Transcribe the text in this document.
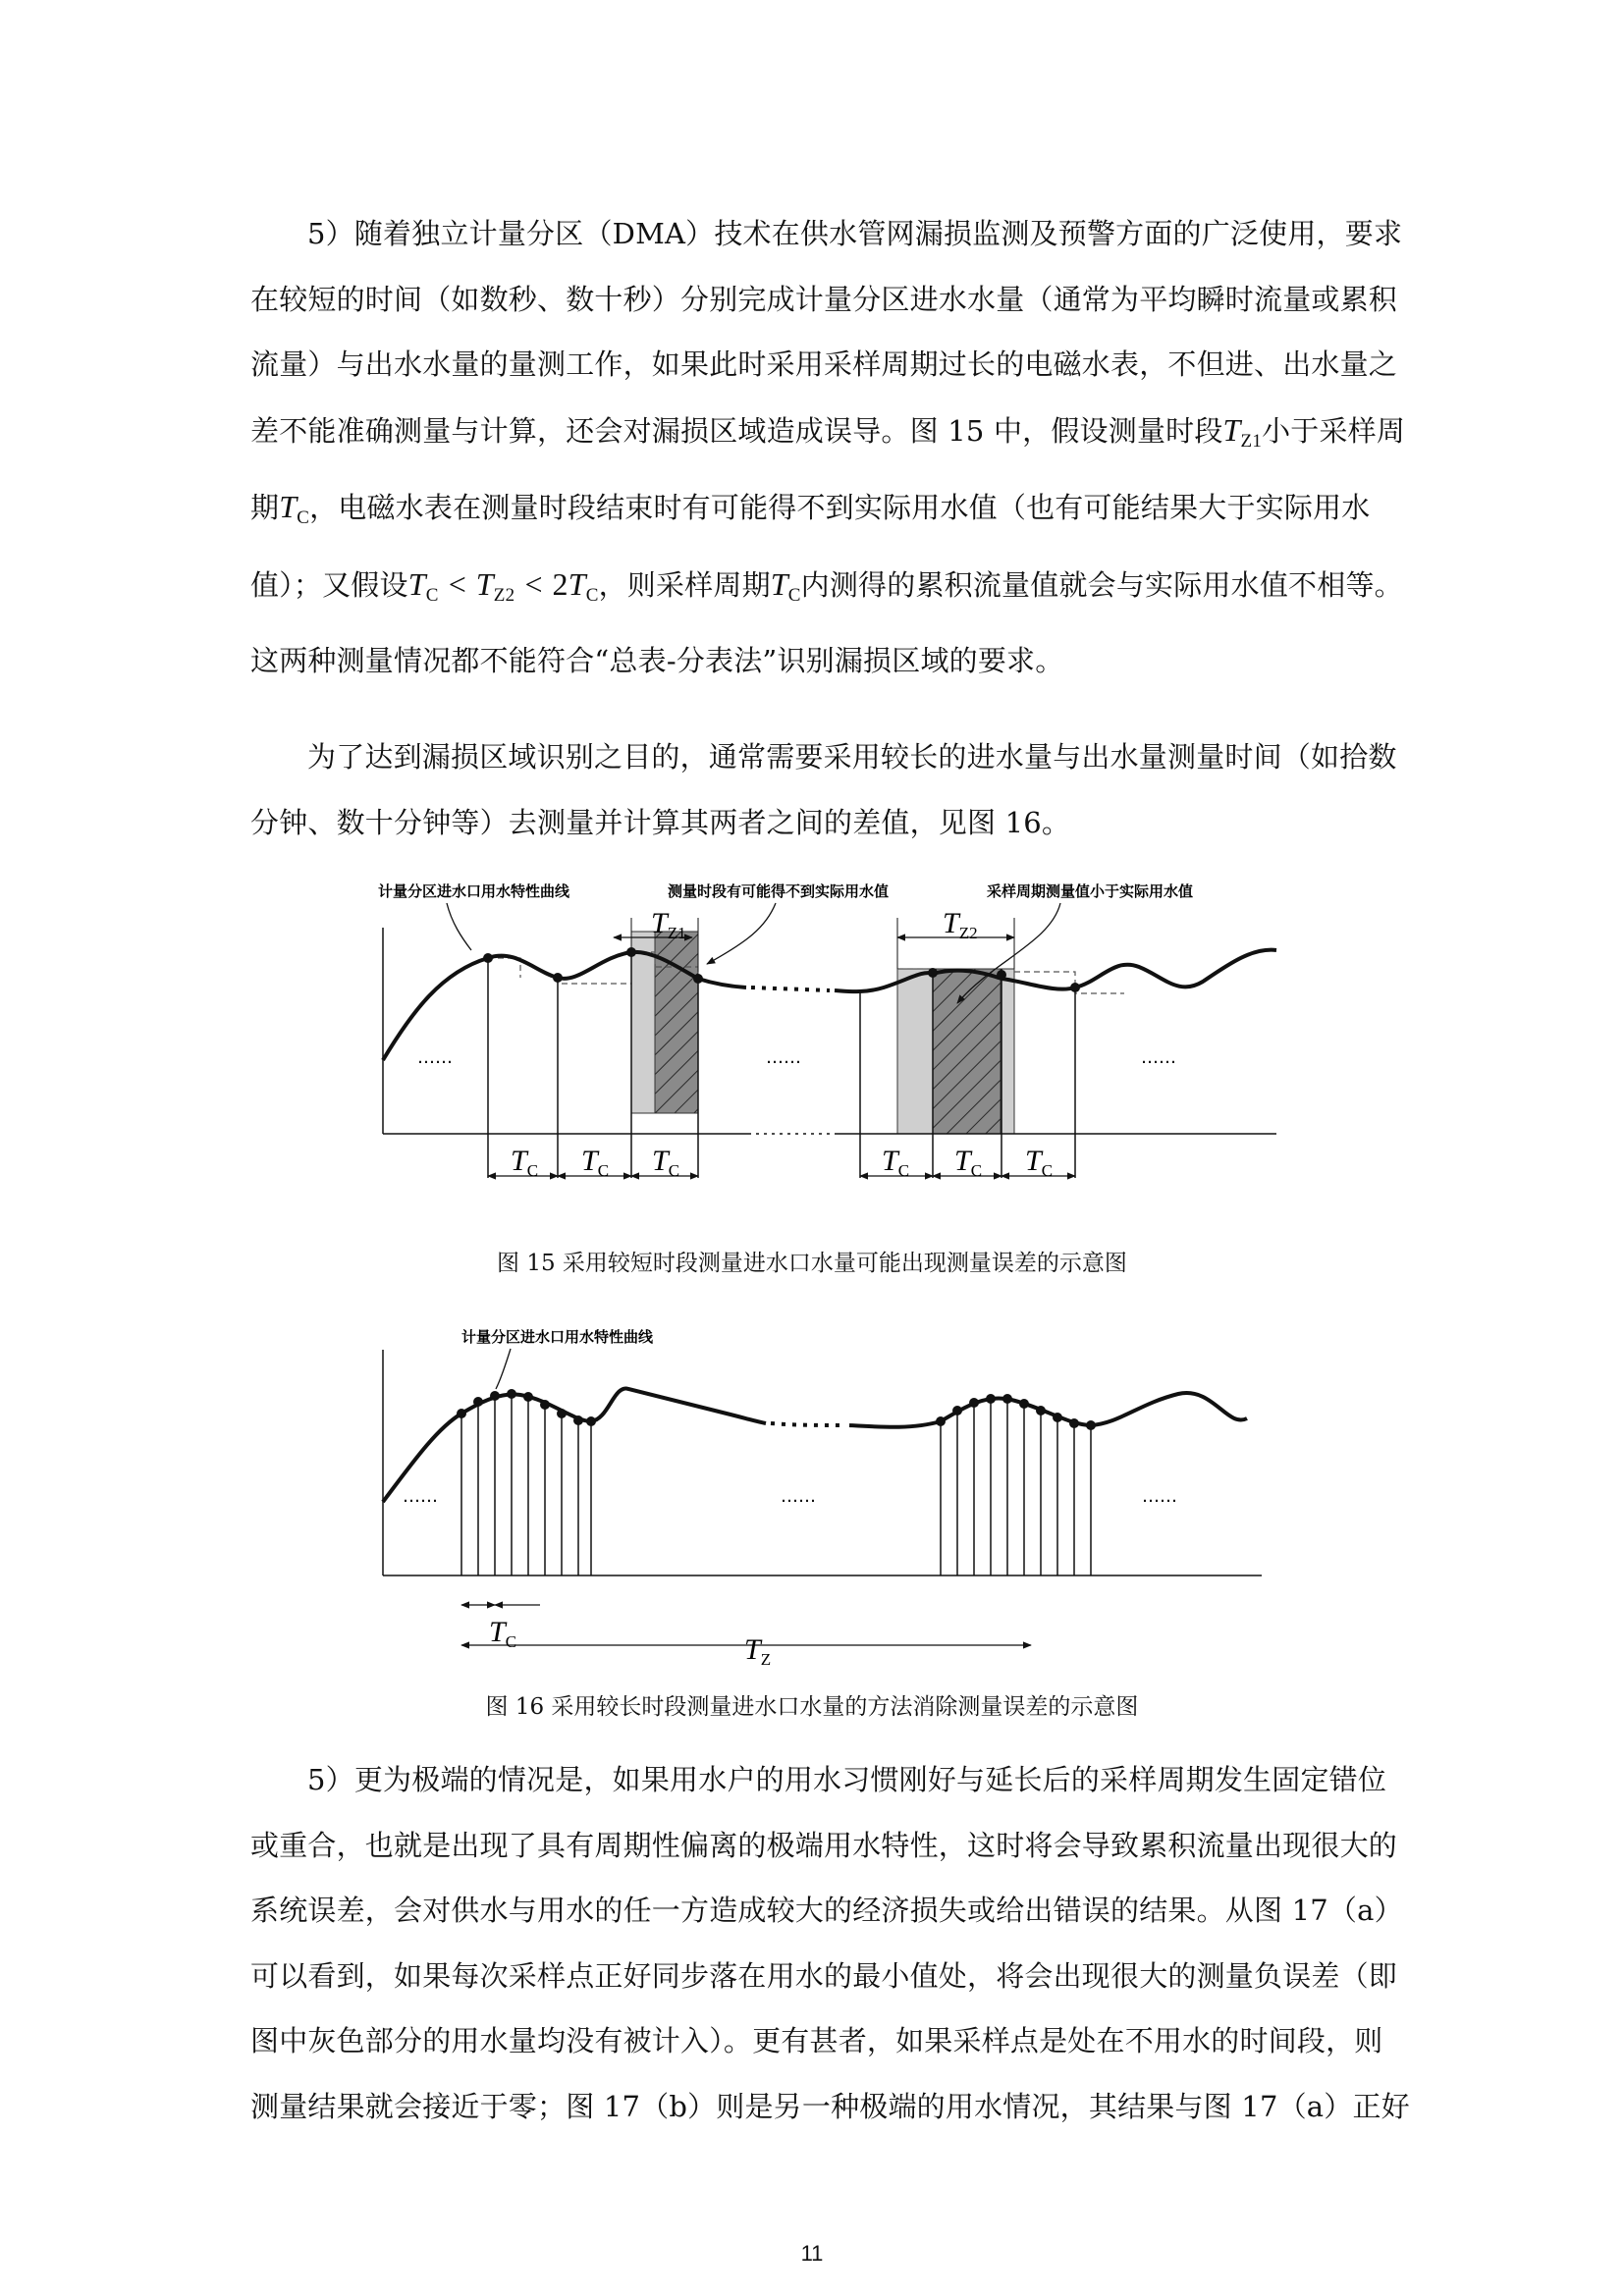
5）随着独立计量分区（DMA）技术在供水管网漏损监测及预警方面的广泛使用，要求
在较短的时间（如数秒、数十秒）分别完成计量分区进水水量（通常为平均瞬时流量或累积
流量）与出水水量的量测工作，如果此时采用采样周期过长的电磁水表，不但进、出水量之
差不能准确测量与计算，还会对漏损区域造成误导。图 15 中，假设测量时段$T_{Z1}$小于采样周
期$T_C$，电磁水表在测量时段结束时有可能得不到实际用水值（也有可能结果大于实际用水
值）；又假设$T_C < T_{Z2} < 2T_C$，则采样周期$T_C$内测得的累积流量值就会与实际用水值不相等。
这两种测量情况都不能符合“总表-分表法”识别漏损区域的要求。
为了达到漏损区域识别之目的，通常需要采用较长的进水量与出水量测量时间（如拾数
分钟、数十分钟等）去测量并计算其两者之间的差值，见图 16。
……	……	……
计量分区进水口用水特性曲线	测量时段有可能得不到实际用水值	采样周期测量值小于实际用水值
$T_{Z1}$	$T_{Z2}$
$T_C$ $T_C$ $T_C$	$T_C$ $T_C$ $T_C$
图 15 采用较短时段测量进水口水量可能出现测量误差的示意图
计量分区进水口用水特性曲线
……	……	……
$T_C$	$T_Z$
图 16 采用较长时段测量进水口水量的方法消除测量误差的示意图
5）更为极端的情况是，如果用水户的用水习惯刚好与延长后的采样周期发生固定错位
或重合，也就是出现了具有周期性偏离的极端用水特性，这时将会导致累积流量出现很大的
系统误差，会对供水与用水的任一方造成较大的经济损失或给出错误的结果。从图 17（a）
可以看到，如果每次采样点正好同步落在用水的最小值处，将会出现很大的测量负误差（即
图中灰色部分的用水量均没有被计入）。更有甚者，如果采样点是处在不用水的时间段，则
测量结果就会接近于零；图 17（b）则是另一种极端的用水情况，其结果与图 17（a）正好
11
